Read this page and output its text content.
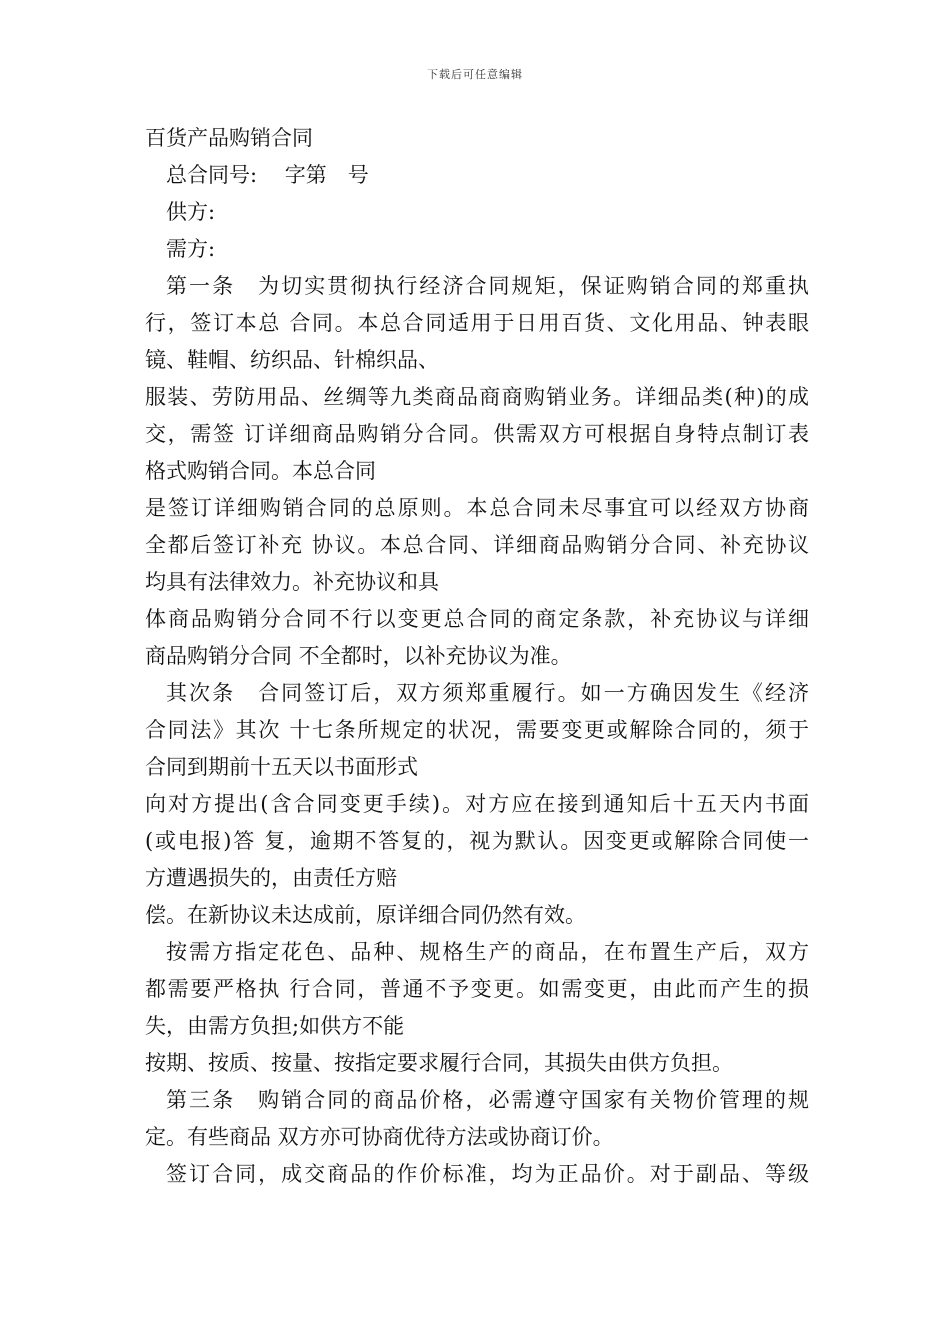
下载后可任意编辑
百货产品购销合同
总合同号:　 字第　号
供方:
需方:
第一条　为切实贯彻执行经济合同规矩，保证购销合同的郑重执
行，签订本总 合同。本总合同适用于日用百货、文化用品、钟表眼
镜、鞋帽、纺织品、针棉织品、
服装、劳防用品、丝绸等九类商品商商购销业务。详细品类(种)的成
交，需签 订详细商品购销分合同。供需双方可根据自身特点制订表
格式购销合同。本总合同
是签订详细购销合同的总原则。本总合同未尽事宜可以经双方协商
全都后签订补充 协议。本总合同、详细商品购销分合同、补充协议
均具有法律效力。补充协议和具
体商品购销分合同不行以变更总合同的商定条款，补充协议与详细
商品购销分合同 不全都时，以补充协议为准。
其次条　合同签订后，双方须郑重履行。如一方确因发生《经济
合同法》其次 十七条所规定的状况，需要变更或解除合同的，须于
合同到期前十五天以书面形式
向对方提出(含合同变更手续)。对方应在接到通知后十五天内书面
(或电报)答 复，逾期不答复的，视为默认。因变更或解除合同使一
方遭遇损失的，由责任方赔
偿。在新协议未达成前，原详细合同仍然有效。
按需方指定花色、品种、规格生产的商品，在布置生产后，双方
都需要严格执 行合同，普通不予变更。如需变更，由此而产生的损
失，由需方负担;如供方不能
按期、按质、按量、按指定要求履行合同，其损失由供方负担。
第三条　购销合同的商品价格，必需遵守国家有关物价管理的规
定。有些商品 双方亦可协商优待方法或协商订价。
签订合同，成交商品的作价标准，均为正品价。对于副品、等级
